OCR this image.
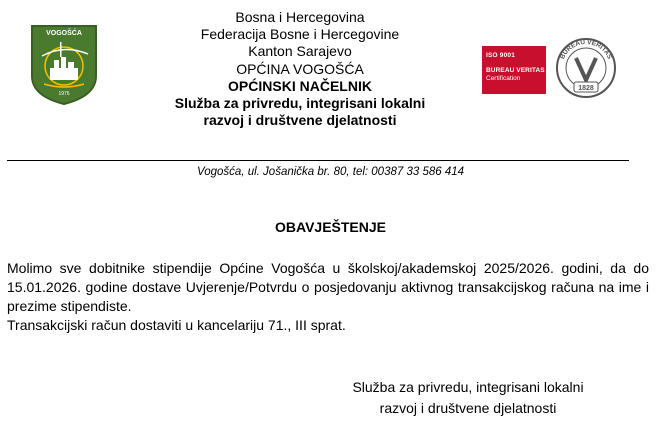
VOGOŠĆA
1976
Bosna i Hercegovina
Federacija Bosne i Hercegovine
Kanton Sarajevo
OPĆINA VOGOŠĆA
OPĆINSKI NAČELNIK
Služba za privredu, integrisani lokalni
razvoj i društvene djelatnosti
ISO 9001
BUREAU VERITAS
Certification
BUREAU VERITAS
1828
Vogošća, ul. Jošanička br. 80, tel: 00387 33 586 414
OBAVJEŠTENJE

Molimo sve dobitnike stipendije Općine Vogošća u školskoj/akademskoj 2025/2026. godini, da do 15.01.2026. godine dostave Uvjerenje/Potvrdu o posjedovanju aktivnog transakcijskog računa na ime i prezime stipendiste.

Transakcijski račun dostaviti u kancelariju 71., III sprat.

Služba za privredu, integrisani lokalni
razvoj i društvene djelatnosti
